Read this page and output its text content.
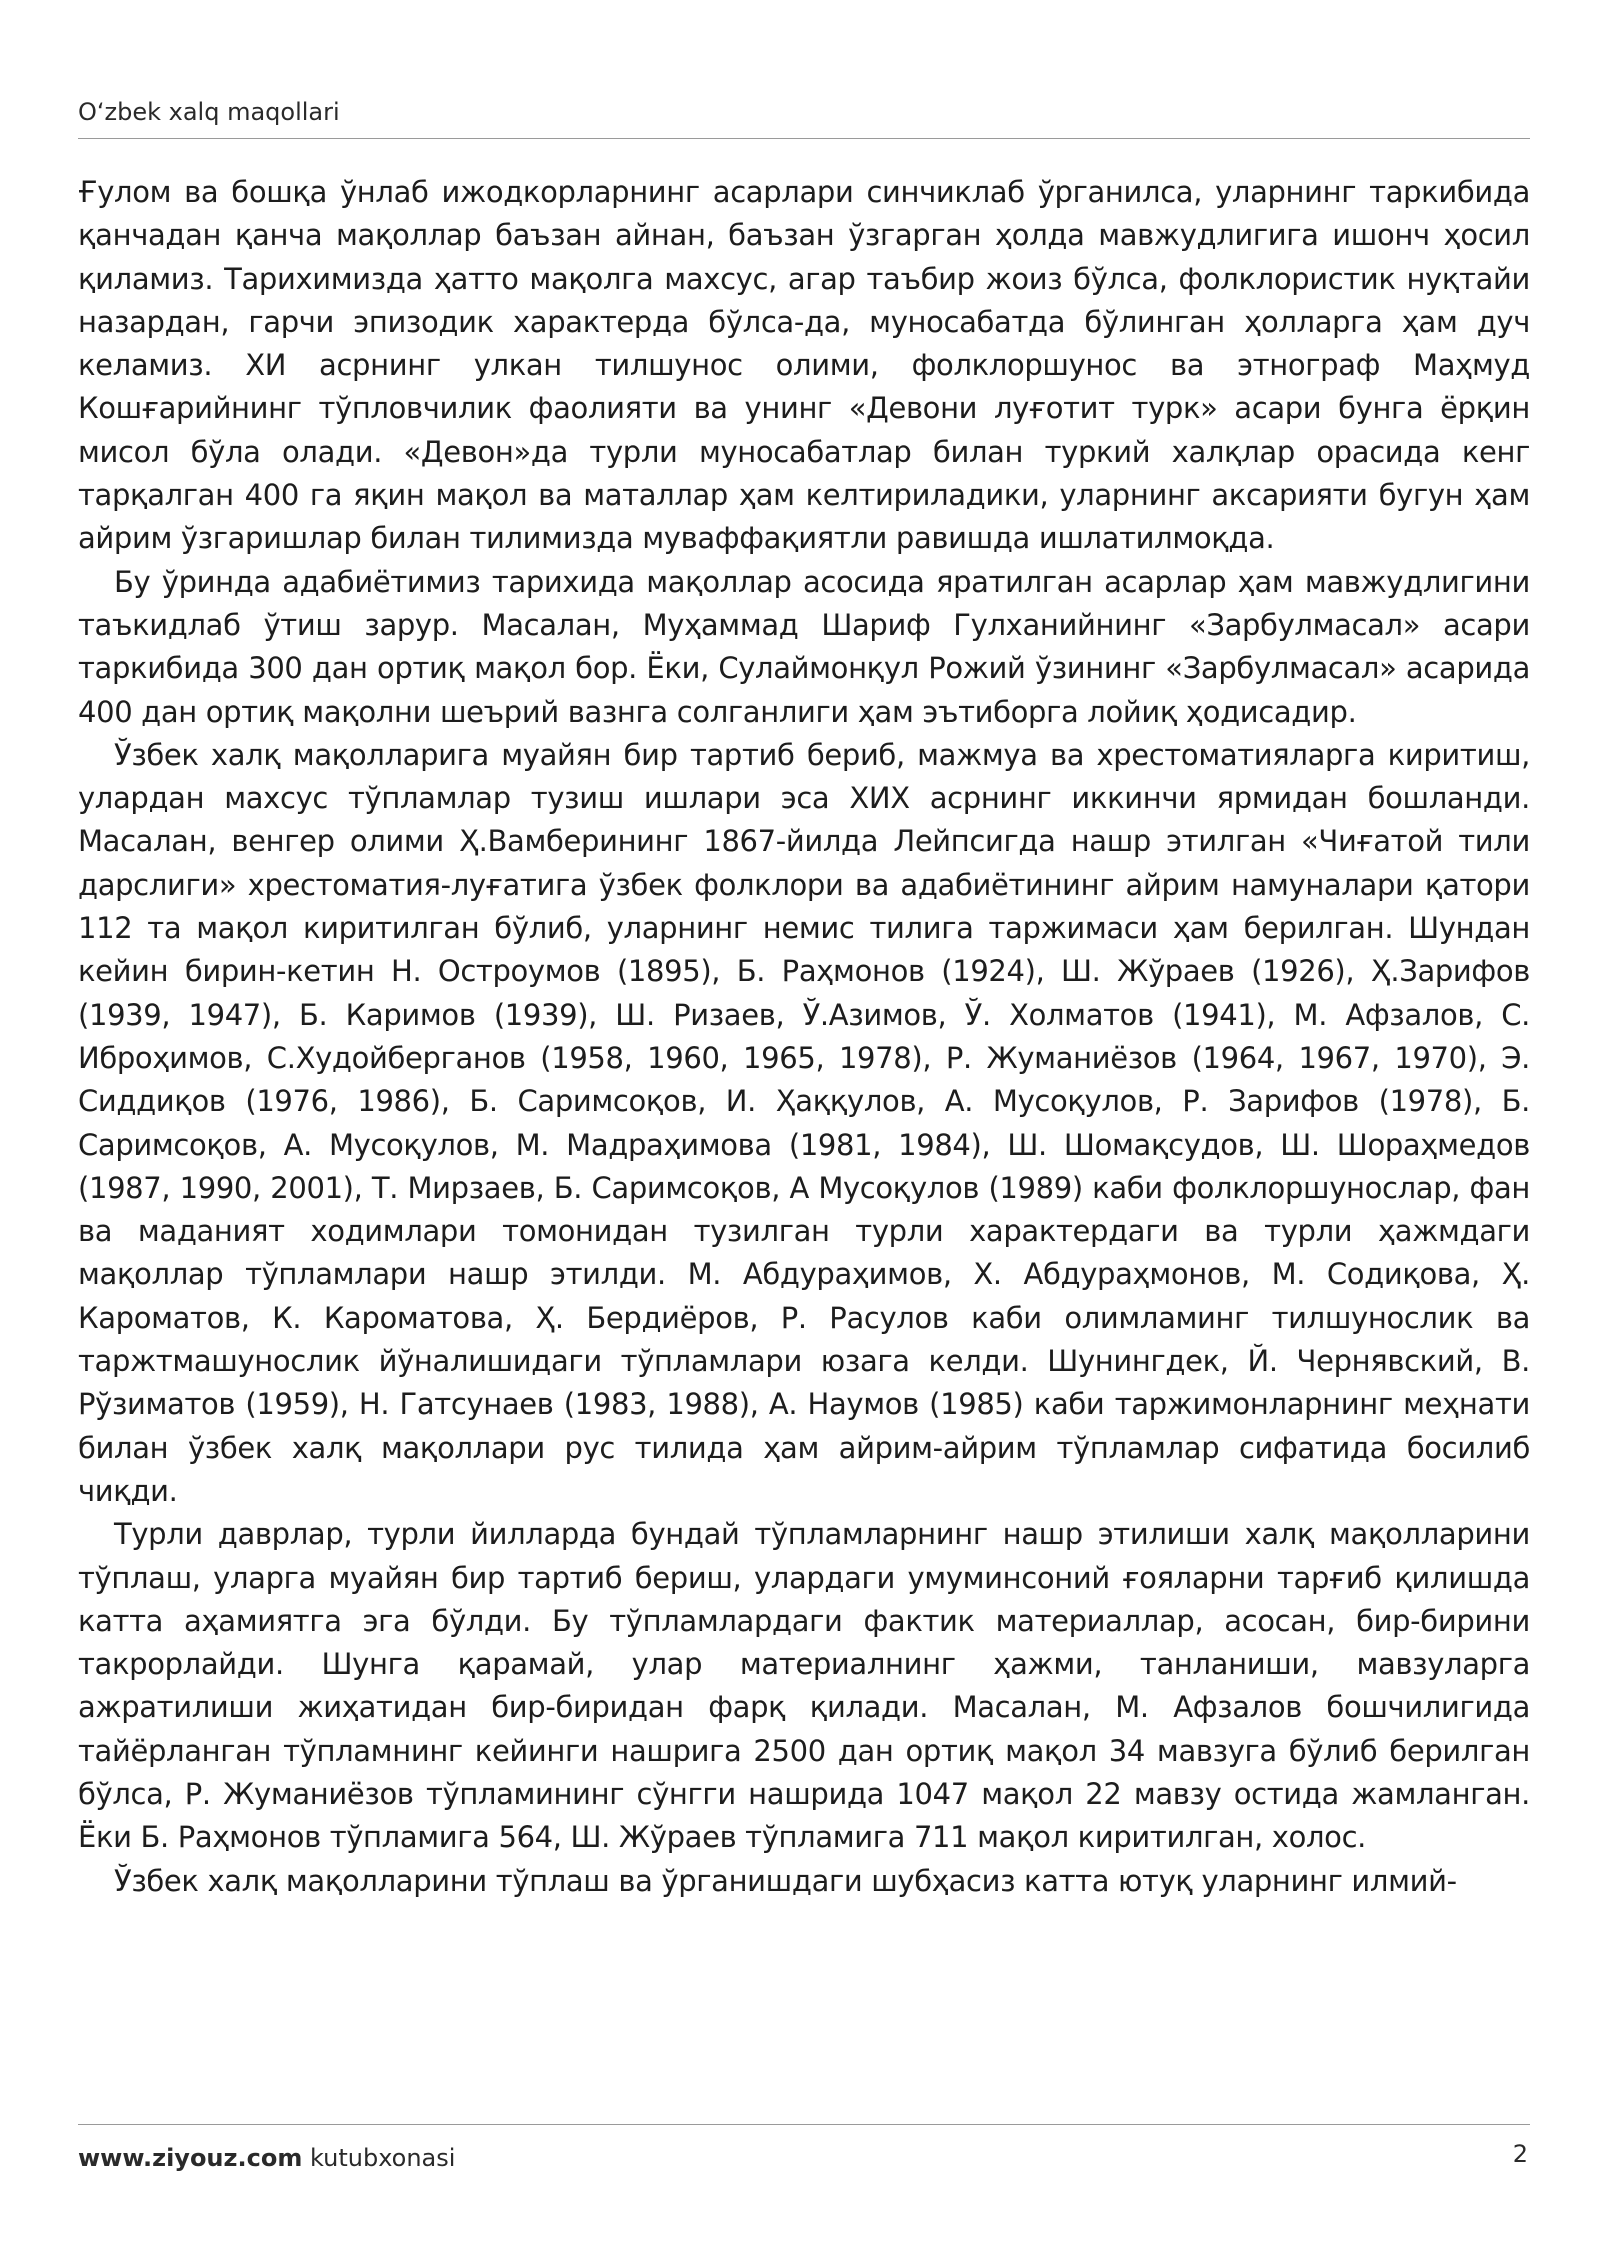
O‘zbek xalq maqollari

Ғулом ва бошқа ўнлаб ижодкорларнинг асарлари синчиклаб ўрганилса, уларнинг таркибида қанчадан қанча мақоллар баъзан айнан, баъзан ўзгарган ҳолда мавжудлигига ишонч ҳосил қиламиз. Тарихимизда ҳатто мақолга махсус, агар таъбир жоиз бўлса, фолклористик нуқтайи назардан, гарчи эпизодик характерда бўлса-да, муносабатда бўлинган ҳолларга ҳам дуч келамиз. ХИ асрнинг улкан тилшунос олими, фолклоршунос ва этнограф Маҳмуд Кошғарийнинг тўпловчилик фаолияти ва унинг «Девони луғотит турк» асари бунга ёрқин мисол бўла олади. «Девон»да турли муносабатлар билан туркий халқлар орасида кенг тарқалган 400 га яқин мақол ва маталлар ҳам келтириладики, уларнинг аксарияти бугун ҳам айрим ўзгаришлар билан тилимизда муваффақиятли равишда ишлатилмоқда.

Бу ўринда адабиётимиз тарихида мақоллар асосида яратилган асарлар ҳам мавжудлигини таъкидлаб ўтиш зарур. Масалан, Муҳаммад Шариф Гулханийнинг «Зарбулмасал» асари таркибида 300 дан ортиқ мақол бор. Ёки, Сулаймонқул Рожий ўзининг «Зарбулмасал» асарида 400 дан ортиқ мақолни шеърий вазнга солганлиги ҳам эътиборга лойиқ ҳодисадир.

Ўзбек халқ мақолларига муайян бир тартиб бериб, мажмуа ва хрестоматияларга киритиш, улардан махсус тўпламлар тузиш ишлари эса ХИХ асрнинг иккинчи ярмидан бошланди. Масалан, венгер олими Ҳ.Вамберининг 1867-йилда Лейпсигда нашр этилган «Чиғатой тили дарслиги» хрестоматия-луғатига ўзбек фолклори ва адабиётининг айрим намуналари қатори 112 та мақол киритилган бўлиб, уларнинг немис тилига таржимаси ҳам берилган. Шундан кейин бирин-кетин Н. Остроумов (1895), Б. Раҳмонов (1924), Ш. Жўраев (1926), Ҳ.Зарифов (1939, 1947), Б. Каримов (1939), Ш. Ризаев, Ў.Азимов, Ў. Холматов (1941), М. Афзалов, С. Иброҳимов, С.Худойберганов (1958, 1960, 1965, 1978), Р. Жуманиёзов (1964, 1967, 1970), Э. Сиддиқов (1976, 1986), Б. Саримсоқов, И. Ҳаққулов, А. Мусоқулов, Р. Зарифов (1978), Б. Саримсоқов, А. Мусоқулов, М. Мадраҳимова (1981, 1984), Ш. Шомақсудов, Ш. Шораҳмедов (1987, 1990, 2001), Т. Мирзаев, Б. Саримсоқов, А Мусоқулов (1989) каби фолклоршунослар, фан ва маданият ходимлари томонидан тузилган турли характердаги ва турли ҳажмдаги мақоллар тўпламлари нашр этилди. М. Абдураҳимов, Х. Абдураҳмонов, М. Содиқова, Ҳ. Кароматов, К. Кароматова, Ҳ. Бердиёров, Р. Расулов каби олимламинг тилшунослик ва таржтмашунослик йўналишидаги тўпламлари юзага келди. Шунингдек, Й. Чернявский, В. Рўзиматов (1959), Н. Гатсунаев (1983, 1988), А. Наумов (1985) каби таржимонларнинг меҳнати билан ўзбек халқ мақоллари рус тилида ҳам айрим-айрим тўпламлар сифатида босилиб чиқди.

Турли даврлар, турли йилларда бундай тўпламларнинг нашр этилиши халқ мақолларини тўплаш, уларга муайян бир тартиб бериш, улардаги умуминсоний ғояларни тарғиб қилишда катта аҳамиятга эга бўлди. Бу тўпламлардаги фактик материаллар, асосан, бир-бирини такрорлайди. Шунга қарамай, улар материалнинг ҳажми, танланиши, мавзуларга ажратилиши жиҳатидан бир-биридан фарқ қилади. Масалан, М. Афзалов бошчилигида тайёрланган тўпламнинг кейинги нашрига 2500 дан ортиқ мақол 34 мавзуга бўлиб берилган бўлса, Р. Жуманиёзов тўпламининг сўнгги нашрида 1047 мақол 22 мавзу остида жамланган. Ёки Б. Раҳмонов тўпламига 564, Ш. Жўраев тўпламига 711 мақол киритилган, холос.

Ўзбек халқ мақолларини тўплаш ва ўрганишдаги шубҳасиз катта ютуқ уларнинг илмий-

www.ziyouz.com kutubxonasi	2
